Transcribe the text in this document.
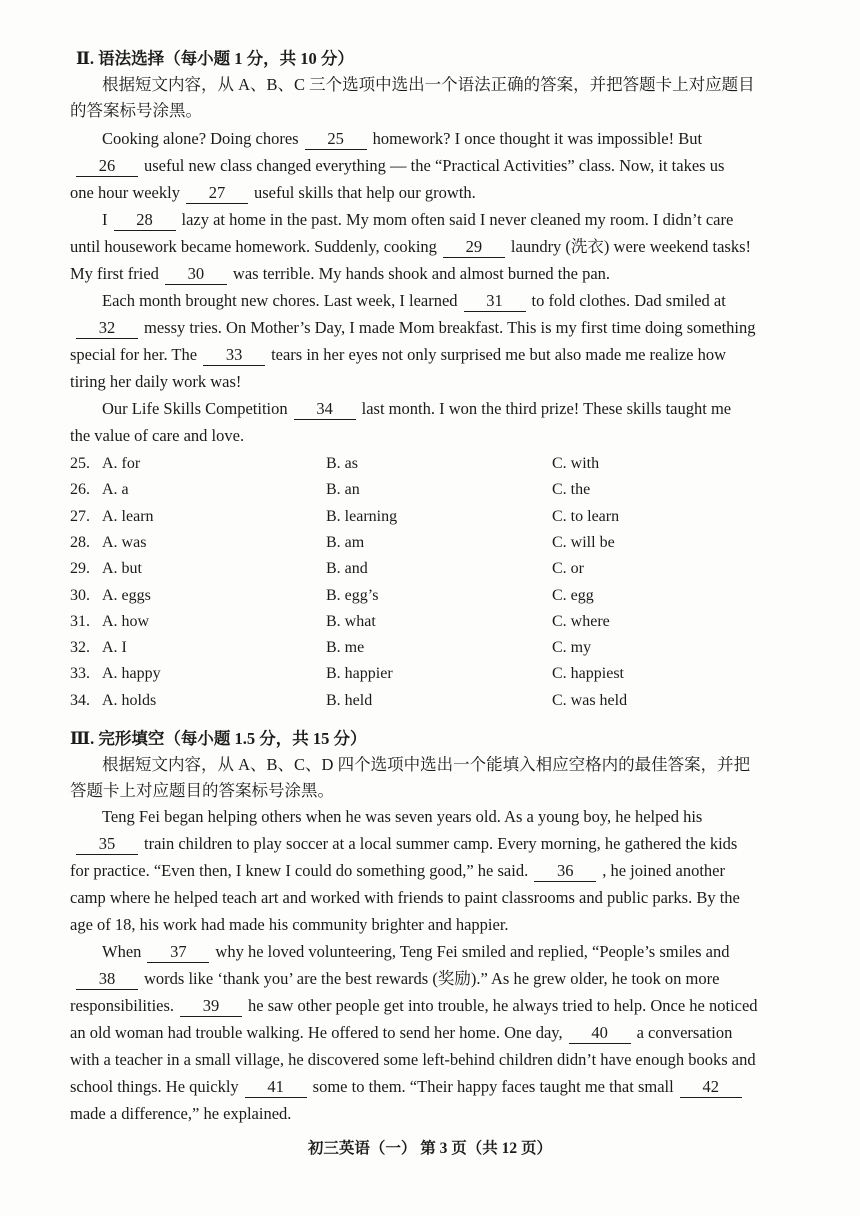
Ⅱ. 语法选择（每小题 1 分，共 10 分）
根据短文内容，从 A、B、C 三个选项中选出一个语法正确的答案，并把答题卡上对应题目
的答案标号涂黑。
Cooking alone? Doing chores 25 homework? I once thought it was impossible! But
26 useful new class changed everything — the “Practical Activities” class. Now, it takes us
one hour weekly 27 useful skills that help our growth.
I 28 lazy at home in the past. My mom often said I never cleaned my room. I didn’t care
until housework became homework. Suddenly, cooking 29 laundry (洗衣) were weekend tasks!
My first fried 30 was terrible. My hands shook and almost burned the pan.
Each month brought new chores. Last week, I learned 31 to fold clothes. Dad smiled at
32 messy tries. On Mother’s Day, I made Mom breakfast. This is my first time doing something
special for her. The 33 tears in her eyes not only surprised me but also made me realize how
tiring her daily work was!
Our Life Skills Competition 34 last month. I won the third prize! These skills taught me
the value of care and love.
25. A. for	B. as	C. with
26. A. a	B. an	C. the
27. A. learn	B. learning	C. to learn
28. A. was	B. am	C. will be
29. A. but	B. and	C. or
30. A. eggs	B. egg’s	C. egg
31. A. how	B. what	C. where
32. A. I	B. me	C. my
33. A. happy	B. happier	C. happiest
34. A. holds	B. held	C. was held
Ⅲ. 完形填空（每小题 1.5 分，共 15 分）
根据短文内容，从 A、B、C、D 四个选项中选出一个能填入相应空格内的最佳答案，并把
答题卡上对应题目的答案标号涂黑。
Teng Fei began helping others when he was seven years old. As a young boy, he helped his
35 train children to play soccer at a local summer camp. Every morning, he gathered the kids
for practice. “Even then, I knew I could do something good,” he said. 36 , he joined another
camp where he helped teach art and worked with friends to paint classrooms and public parks. By the
age of 18, his work had made his community brighter and happier.
When 37 why he loved volunteering, Teng Fei smiled and replied, “People’s smiles and
38 words like ‘thank you’ are the best rewards (奖励).” As he grew older, he took on more
responsibilities. 39 he saw other people get into trouble, he always tried to help. Once he noticed
an old woman had trouble walking. He offered to send her home. One day, 40 a conversation
with a teacher in a small village, he discovered some left-behind children didn’t have enough books and
school things. He quickly 41 some to them. “Their happy faces taught me that small 42
made a difference,” he explained.
初三英语（一） 第 3 页（共 12 页）
